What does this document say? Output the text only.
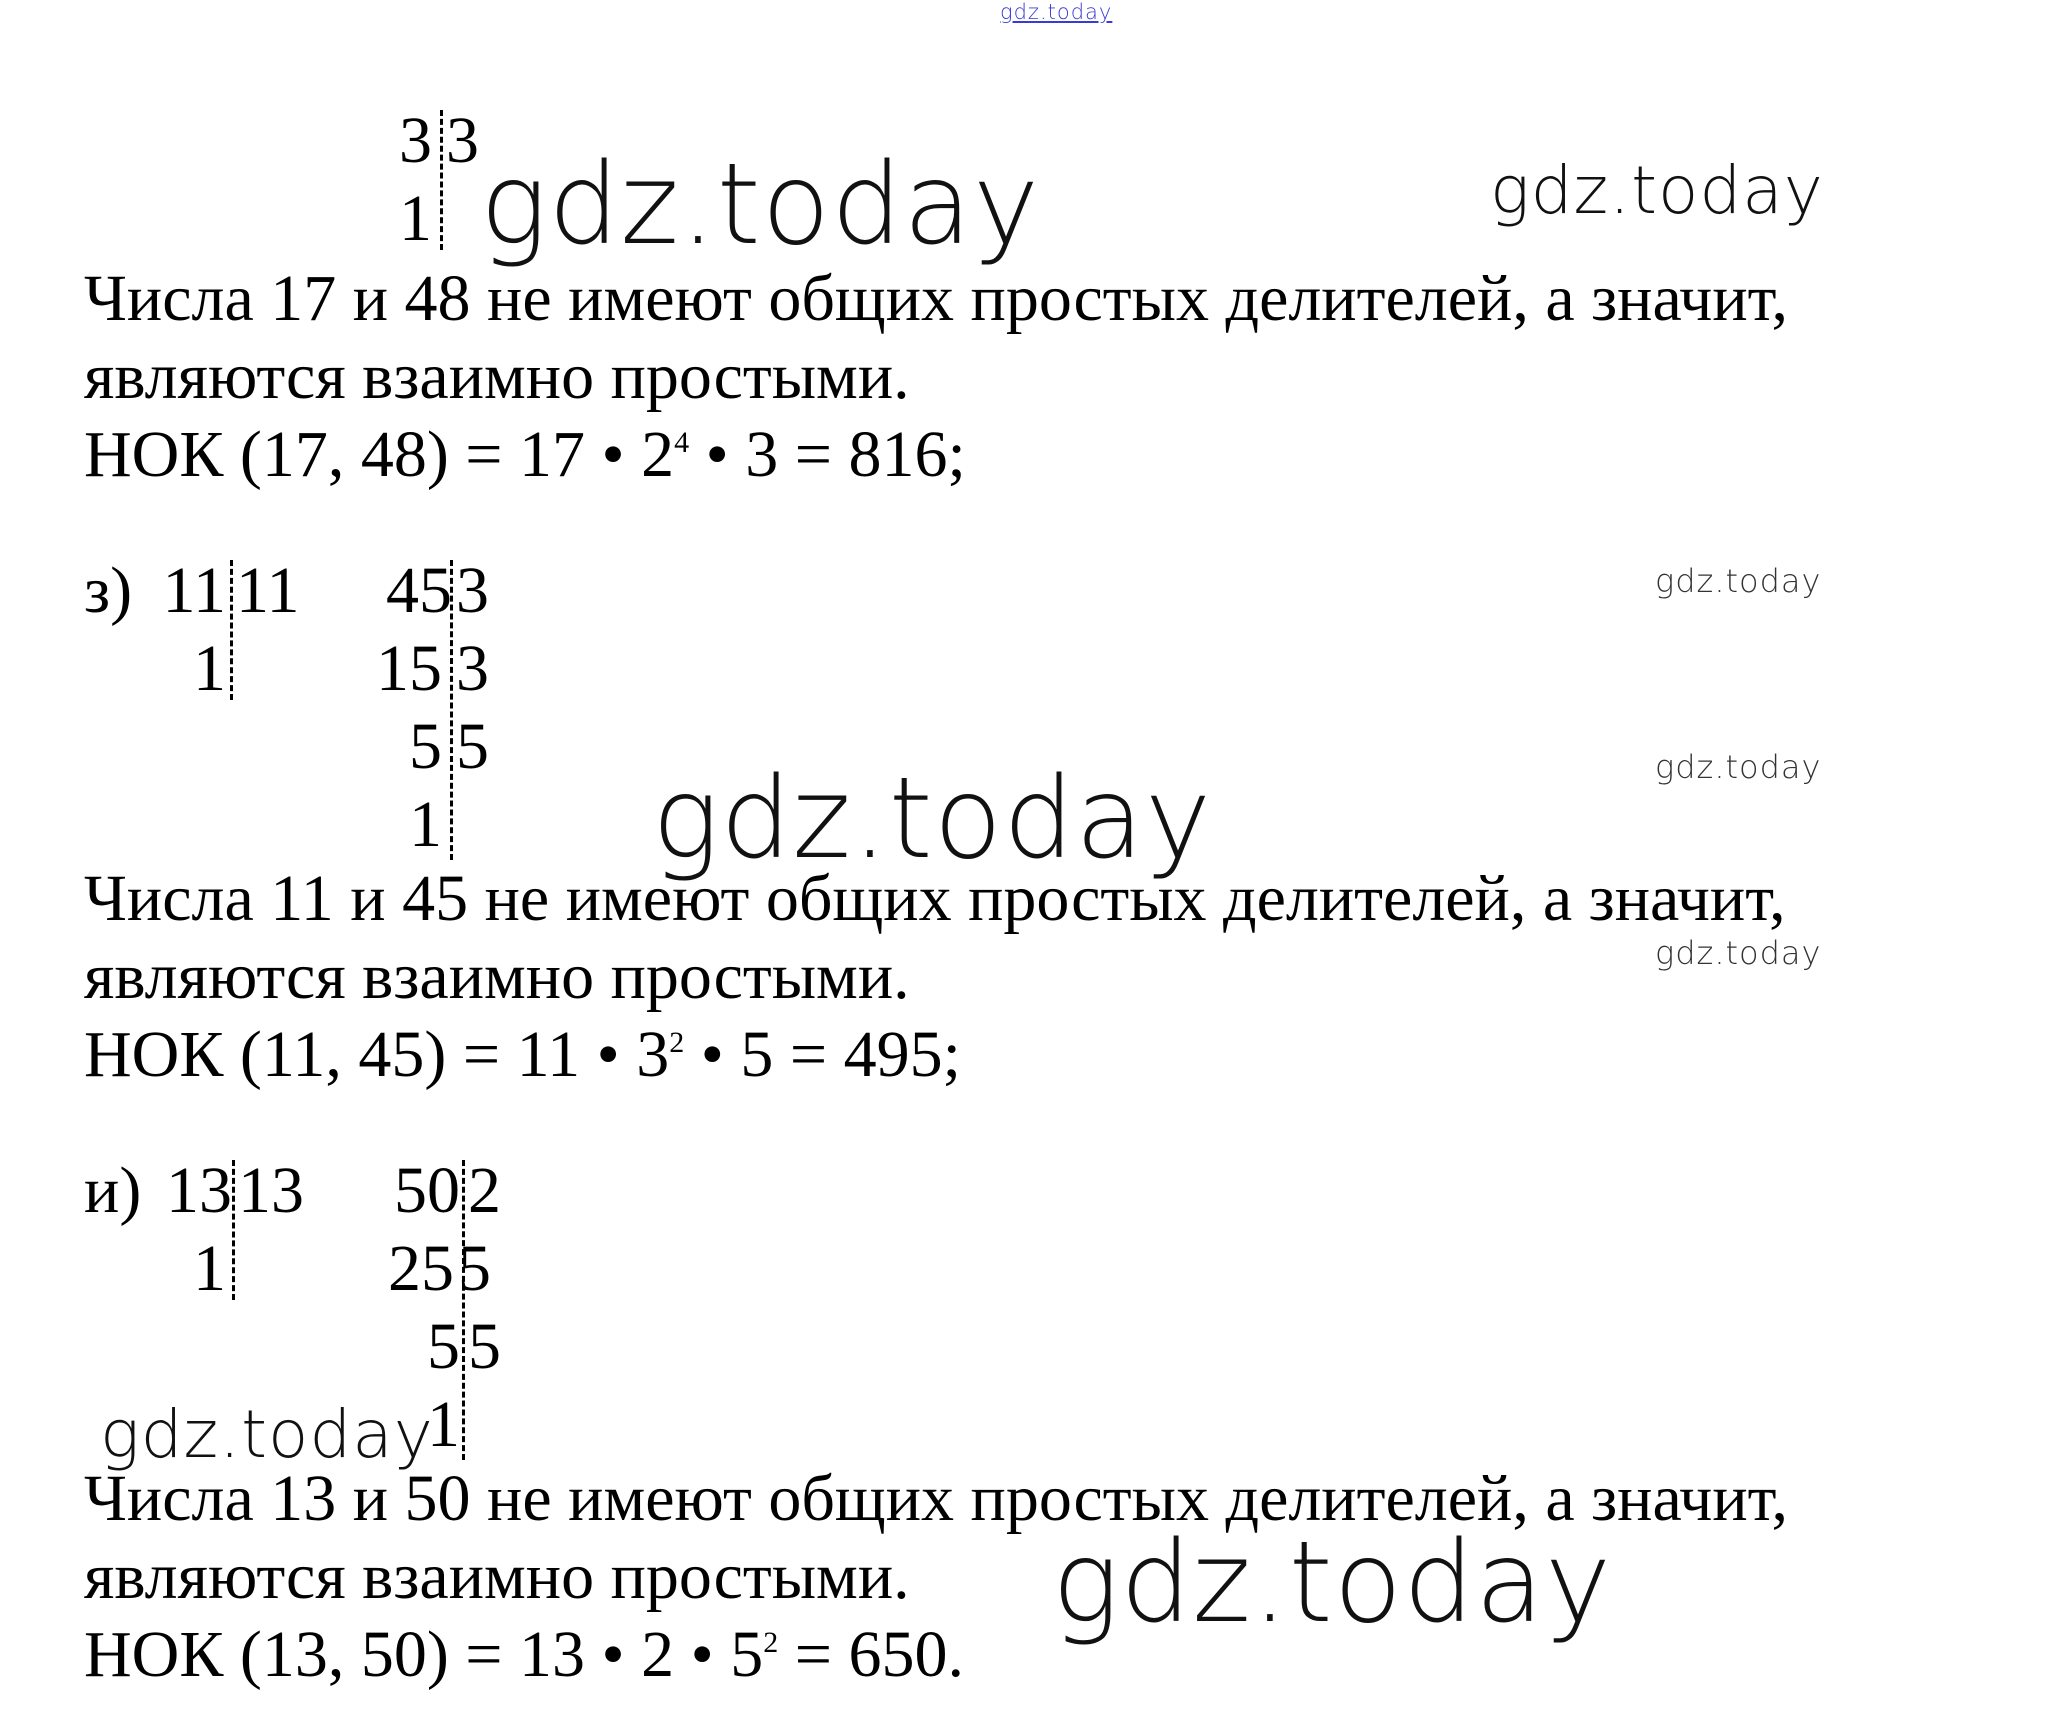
gdz.today
gdz.today	gdz.today
gdz.today
gdz.today
gdz.today
gdz.today
gdz.today
gdz.today
3 3
1
Числа 17 и 48 не имеют общих простых делителей, а значит,
являются взаимно простыми.
НОК (17, 48) = 17 • $2^4$ • 3 = 816;
з) 11 11
1
45
15
5
1
3
3
5
Числа 11 и 45 не имеют общих простых делителей, а значит,
являются взаимно простыми.
НОК (11, 45) = 11 • $3^2$ • 5 = 495;
и) 13 13
1
50
25
5
1
2
5
5
Числа 13 и 50 не имеют общих простых делителей, а значит,
являются взаимно простыми.
НОК (13, 50) = 13 • 2 • $5^2 = 650$.
